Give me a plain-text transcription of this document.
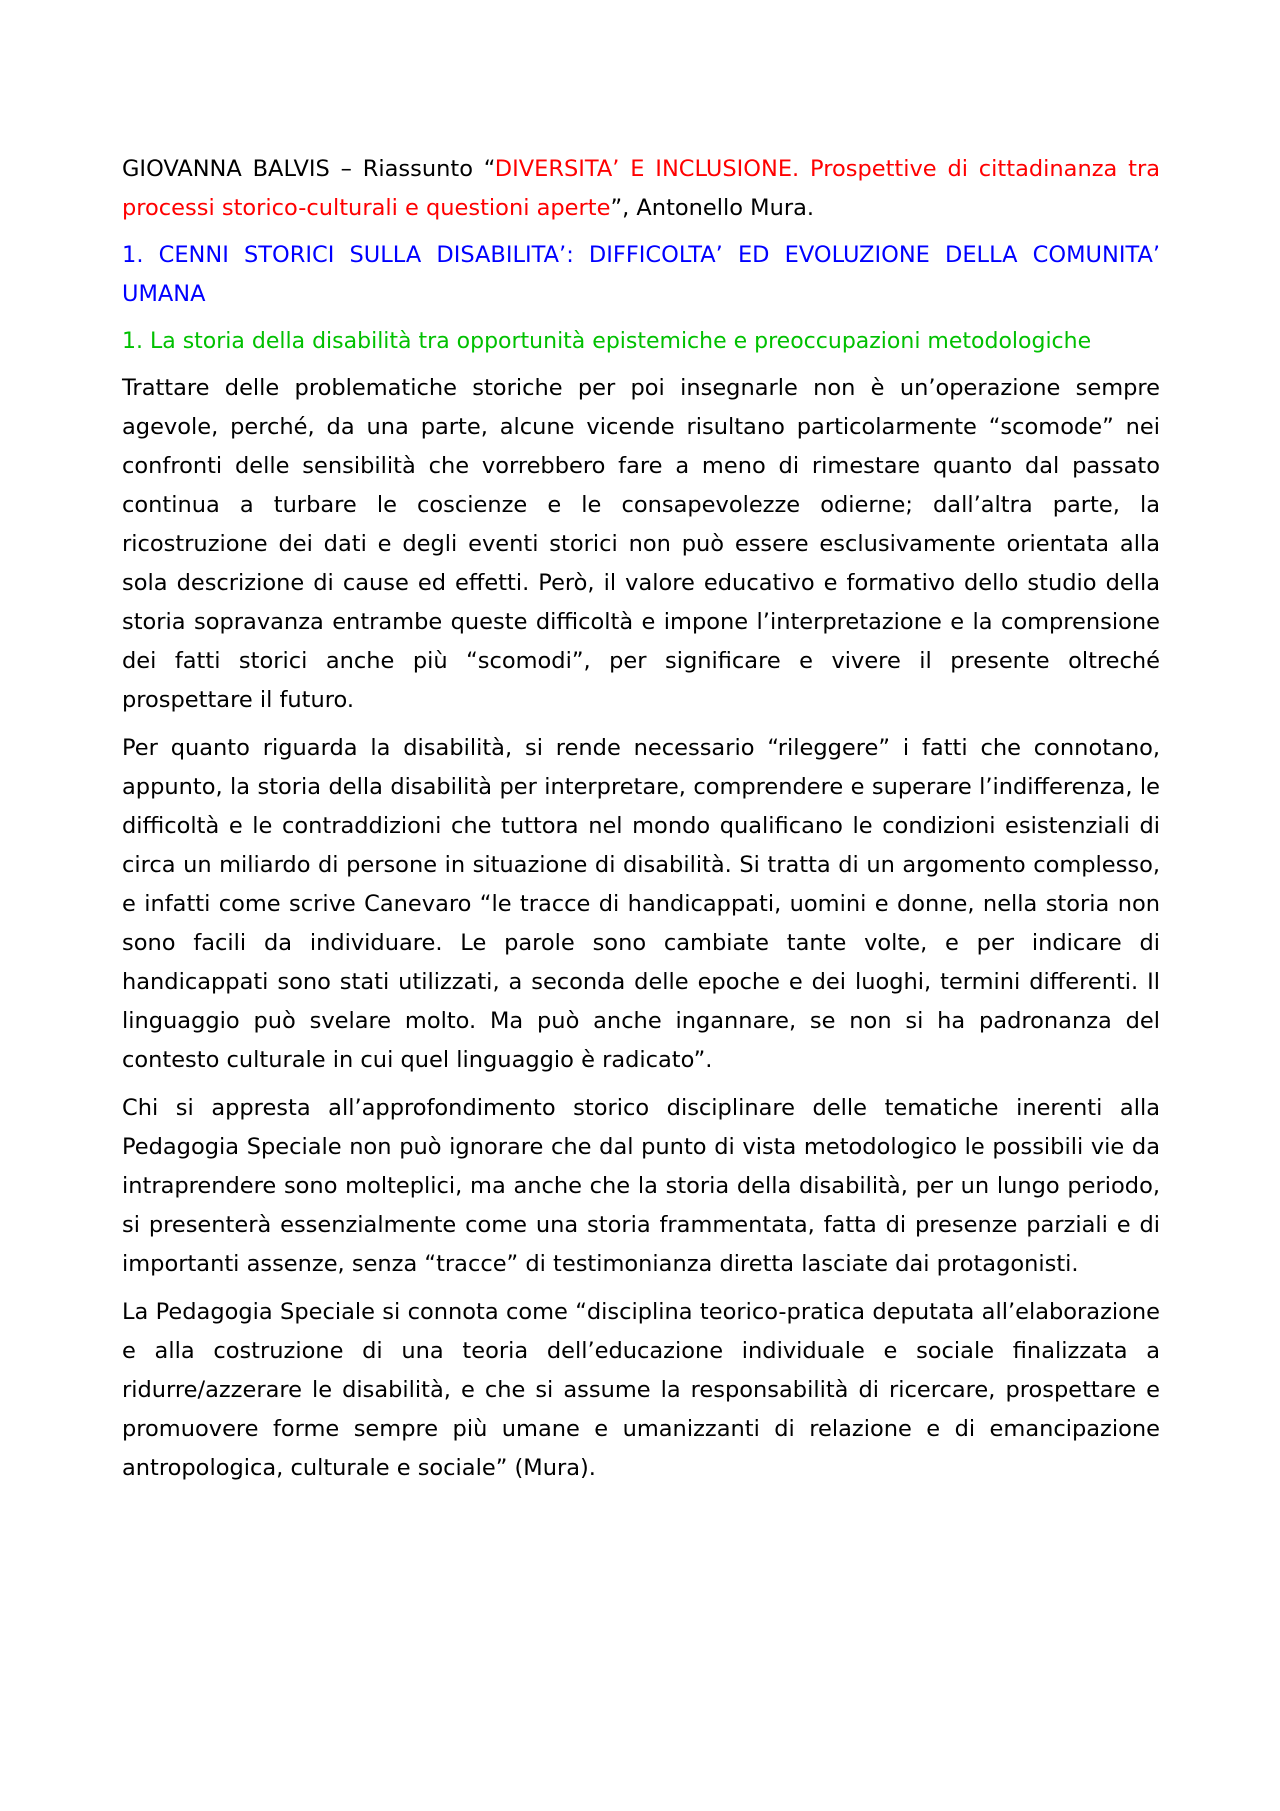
GIOVANNA BALVIS – Riassunto “DIVERSITA’ E INCLUSIONE. Prospettive di cittadinanza tra processi storico-culturali e questioni aperte”, Antonello Mura.

1. CENNI STORICI SULLA DISABILITA’: DIFFICOLTA’ ED EVOLUZIONE DELLA COMUNITA’ UMANA

1. La storia della disabilità tra opportunità epistemiche e preoccupazioni metodologiche

Trattare delle problematiche storiche per poi insegnarle non è un’operazione sempre agevole, perché, da una parte, alcune vicende risultano particolarmente “scomode” nei confronti delle sensibilità che vorrebbero fare a meno di rimestare quanto dal passato continua a turbare le coscienze e le consapevolezze odierne; dall’altra parte, la ricostruzione dei dati e degli eventi storici non può essere esclusivamente orientata alla sola descrizione di cause ed effetti. Però, il valore educativo e formativo dello studio della storia sopravanza entrambe queste difficoltà e impone l’interpretazione e la comprensione dei fatti storici anche più “scomodi”, per significare e vivere il presente oltreché prospettare il futuro.

Per quanto riguarda la disabilità, si rende necessario “rileggere” i fatti che connotano, appunto, la storia della disabilità per interpretare, comprendere e superare l’indifferenza, le difficoltà e le contraddizioni che tuttora nel mondo qualificano le condizioni esistenziali di circa un miliardo di persone in situazione di disabilità. Si tratta di un argomento complesso, e infatti come scrive Canevaro “le tracce di handicappati, uomini e donne, nella storia non sono facili da individuare. Le parole sono cambiate tante volte, e per indicare di handicappati sono stati utilizzati, a seconda delle epoche e dei luoghi, termini differenti. Il linguaggio può svelare molto. Ma può anche ingannare, se non si ha padronanza del contesto culturale in cui quel linguaggio è radicato”.

Chi si appresta all’approfondimento storico disciplinare delle tematiche inerenti alla Pedagogia Speciale non può ignorare che dal punto di vista metodologico le possibili vie da intraprendere sono molteplici, ma anche che la storia della disabilità, per un lungo periodo, si presenterà essenzialmente come una storia frammentata, fatta di presenze parziali e di importanti assenze, senza “tracce” di testimonianza diretta lasciate dai protagonisti.

La Pedagogia Speciale si connota come “disciplina teorico-pratica deputata all’elaborazione e alla costruzione di una teoria dell’educazione individuale e sociale finalizzata a ridurre/azzerare le disabilità, e che si assume la responsabilità di ricercare, prospettare e promuovere forme sempre più umane e umanizzanti di relazione e di emancipazione antropologica, culturale e sociale” (Mura).
